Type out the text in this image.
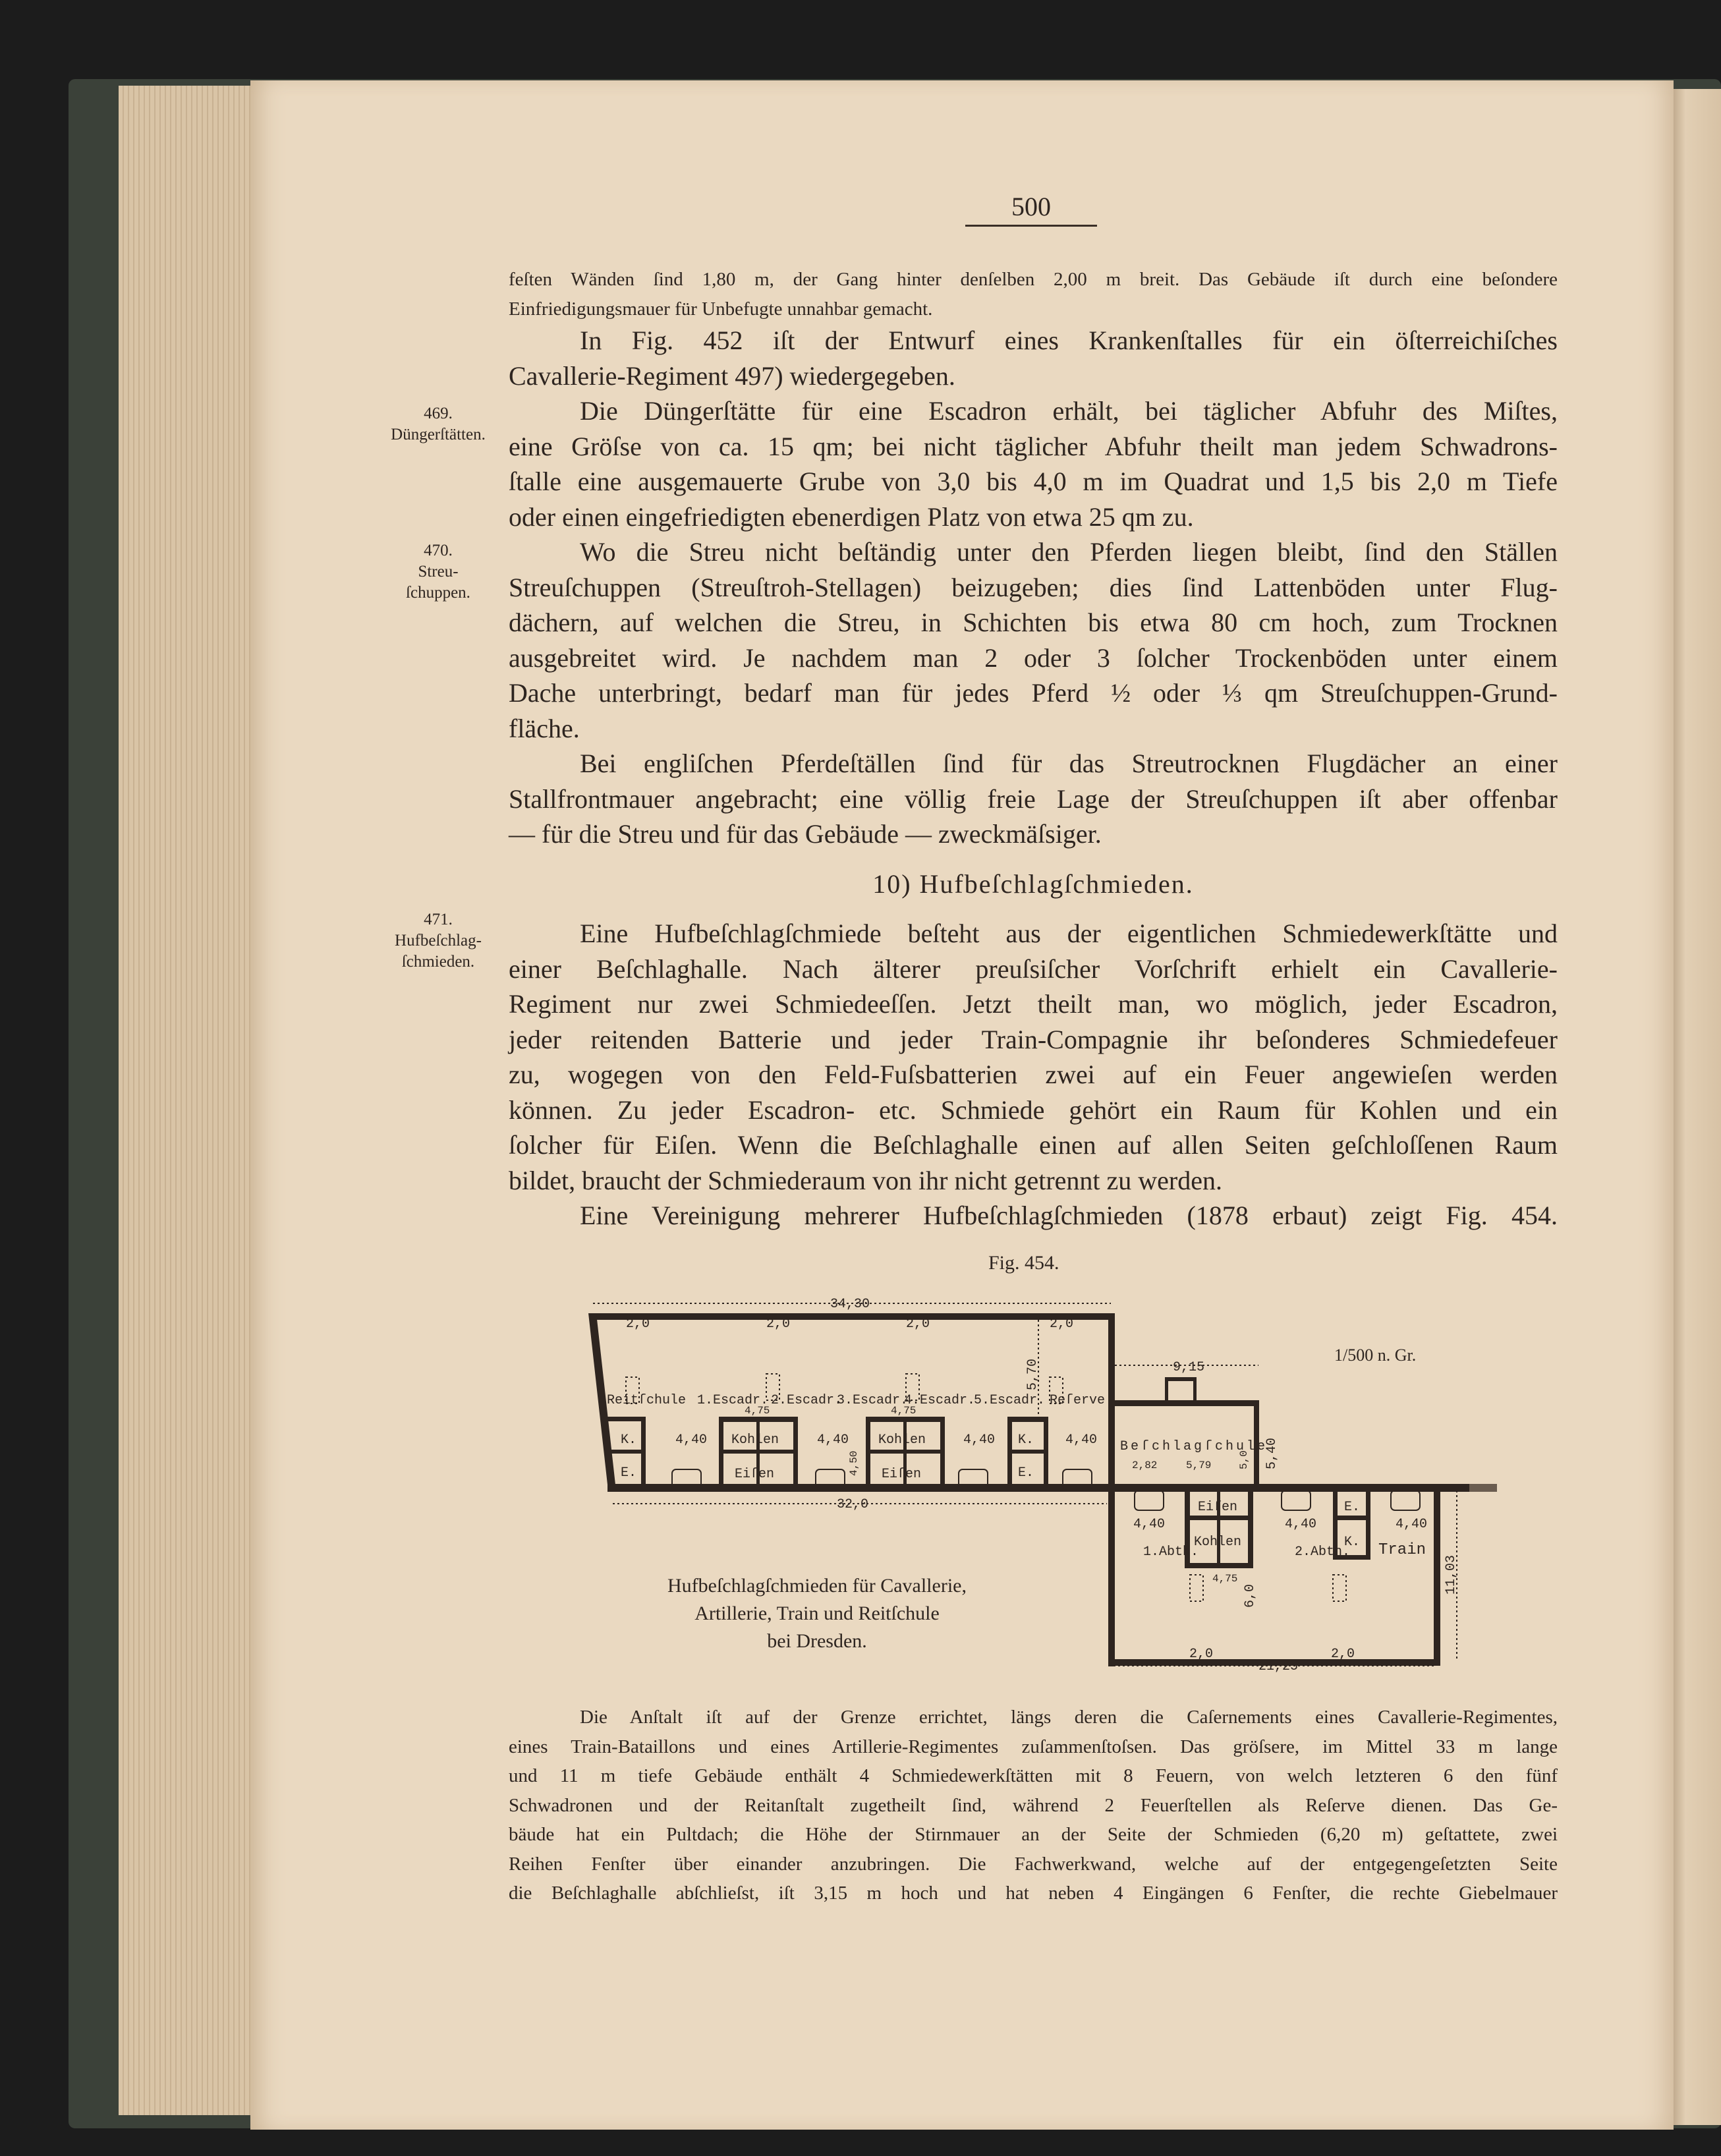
500
feſten Wänden ſind 1,80 m, der Gang hinter denſelben 2,00 m breit. Das Gebäude iſt durch eine beſondere
Einfriedigungsmauer für Unbefugte unnahbar gemacht.
In Fig. 452 iſt der Entwurf eines Krankenſtalles für ein öſterreichiſches
Cavallerie-Regiment 497) wiedergegeben.
Die Düngerſtätte für eine Escadron erhält, bei täglicher Abfuhr des Miſtes,
eine Gröſse von ca. 15 qm; bei nicht täglicher Abfuhr theilt man jedem Schwadrons-
ſtalle eine ausgemauerte Grube von 3,0 bis 4,0 m im Quadrat und 1,5 bis 2,0 m Tiefe
oder einen eingefriedigten ebenerdigen Platz von etwa 25 qm zu.
Wo die Streu nicht beſtändig unter den Pferden liegen bleibt, ſind den Ställen
Streuſchuppen (Streuſtroh-Stellagen) beizugeben; dies ſind Lattenböden unter Flug-
dächern, auf welchen die Streu, in Schichten bis etwa 80 cm hoch, zum Trocknen
ausgebreitet wird. Je nachdem man 2 oder 3 ſolcher Trockenböden unter einem
Dache unterbringt, bedarf man für jedes Pferd ½ oder ⅓ qm Streuſchuppen-Grund-
fläche.
Bei engliſchen Pferdeſtällen ſind für das Streutrocknen Flugdächer an einer
Stallfrontmauer angebracht; eine völlig freie Lage der Streuſchuppen iſt aber offenbar
— für die Streu und für das Gebäude — zweckmäſsiger.
10) Hufbeſchlagſchmieden.
Eine Hufbeſchlagſchmiede beſteht aus der eigentlichen Schmiedewerkſtätte und
einer Beſchlaghalle. Nach älterer preuſsiſcher Vorſchrift erhielt ein Cavallerie-
Regiment nur zwei Schmiedeeſſen. Jetzt theilt man, wo möglich, jeder Escadron,
jeder reitenden Batterie und jeder Train-Compagnie ihr beſonderes Schmiedefeuer
zu, wogegen von den Feld-Fuſsbatterien zwei auf ein Feuer angewieſen werden
können. Zu jeder Escadron- etc. Schmiede gehört ein Raum für Kohlen und ein
ſolcher für Eiſen. Wenn die Beſchlaghalle einen auf allen Seiten geſchloſſenen Raum
bildet, braucht der Schmiederaum von ihr nicht getrennt zu werden.
Eine Vereinigung mehrerer Hufbeſchlagſchmieden (1878 erbaut) zeigt Fig. 454.
469.
Düngerſtätten.
470.
Streu-
ſchuppen.
471.
Hufbeſchlag-
ſchmieden.
Fig. 454.
34,30
2,0	2,0	2,0	2,0
Reitſchule 1.Escadr. 2.Escadr.
3.Escadr.
4.Escadr.
5.Escadr. Reſerve
Beſchlagſchule
1.Abth.	2.Abth. Train
K.
E.
Kohlen
Eiſen
Kohlen
Eiſen
K.
E.
Eiſen
Kohlen
E.
K.
4,40	4,40	4,40	4,40
4,75	4,75
4,75
32,0
9,15
2,82	5,79
4,40	4,40	4,40
2,0	2,0
21,25
5,70
4,50	5,40
5,0
6,0
11,03
1/500 n. Gr.
Hufbeſchlagſchmieden für Cavallerie,
Artillerie, Train und Reitſchule
bei Dresden.
Die Anſtalt iſt auf der Grenze errichtet, längs deren die Caſernements eines Cavallerie-Regimentes,
eines Train-Bataillons und eines Artillerie-Regimentes zuſammenſtoſsen. Das gröſsere, im Mittel 33 m lange
und 11 m tiefe Gebäude enthält 4 Schmiedewerkſtätten mit 8 Feuern, von welch letzteren 6 den fünf
Schwadronen und der Reitanſtalt zugetheilt ſind, während 2 Feuerſtellen als Reſerve dienen. Das Ge-
bäude hat ein Pultdach; die Höhe der Stirnmauer an der Seite der Schmieden (6,20 m) geſtattete, zwei
Reihen Fenſter über einander anzubringen. Die Fachwerkwand, welche auf der entgegengeſetzten Seite
die Beſchlaghalle abſchlieſst, iſt 3,15 m hoch und hat neben 4 Eingängen 6 Fenſter, die rechte Giebelmauer
